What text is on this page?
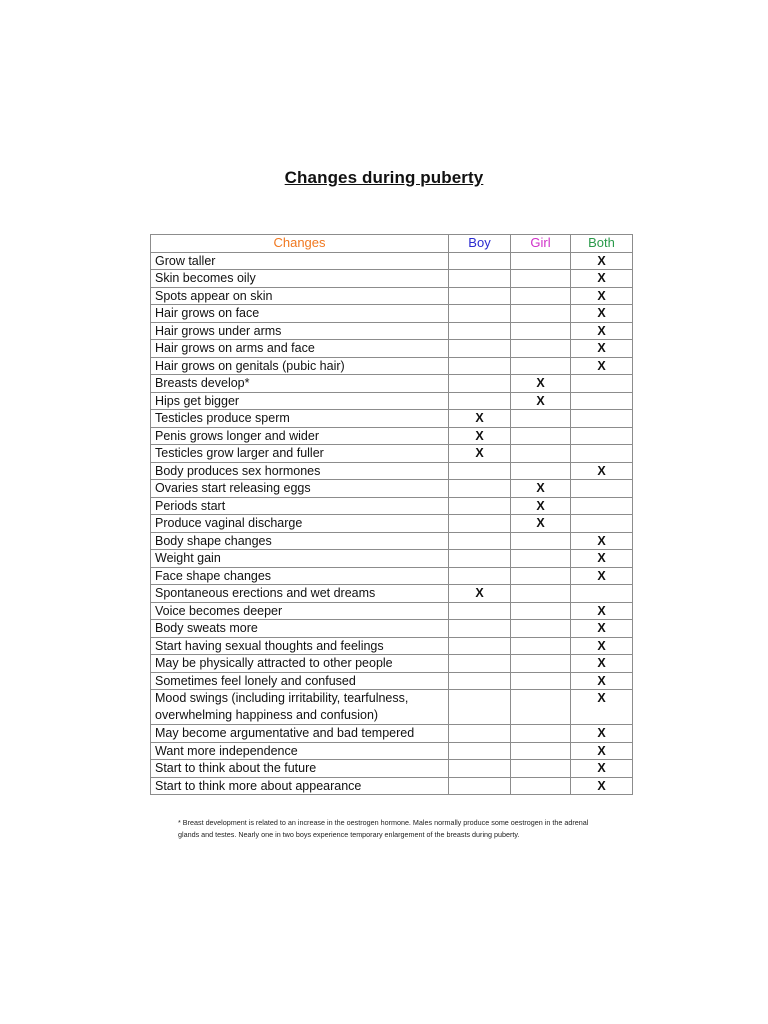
Changes during puberty
Changes	Boy	Girl	Both
Grow taller			X
Skin becomes oily			X
Spots appear on skin			X
Hair grows on face			X
Hair grows under arms			X
Hair grows on arms and face			X
Hair grows on genitals (pubic hair)			X
Breasts develop*		X	
Hips get bigger		X	
Testicles produce sperm	X		
Penis grows longer and wider	X		
Testicles grow larger and fuller	X		
Body produces sex hormones			X
Ovaries start releasing eggs		X	
Periods start		X	
Produce vaginal discharge		X	
Body shape changes			X
Weight gain			X
Face shape changes			X
Spontaneous erections and wet dreams	X		
Voice becomes deeper			X
Body sweats more			X
Start having sexual thoughts and feelings			X
May be physically attracted to other people			X
Sometimes feel lonely and confused			X
Mood swings (including irritability, tearfulness, overwhelming happiness and confusion)			X
May become argumentative and bad tempered			X
Want more independence			X
Start to think about the future			X
Start to think more about appearance			X
* Breast development is related to an increase in the oestrogen hormone. Males normally produce some oestrogen in the adrenal glands and testes. Nearly one in two boys experience temporary enlargement of the breasts during puberty.
